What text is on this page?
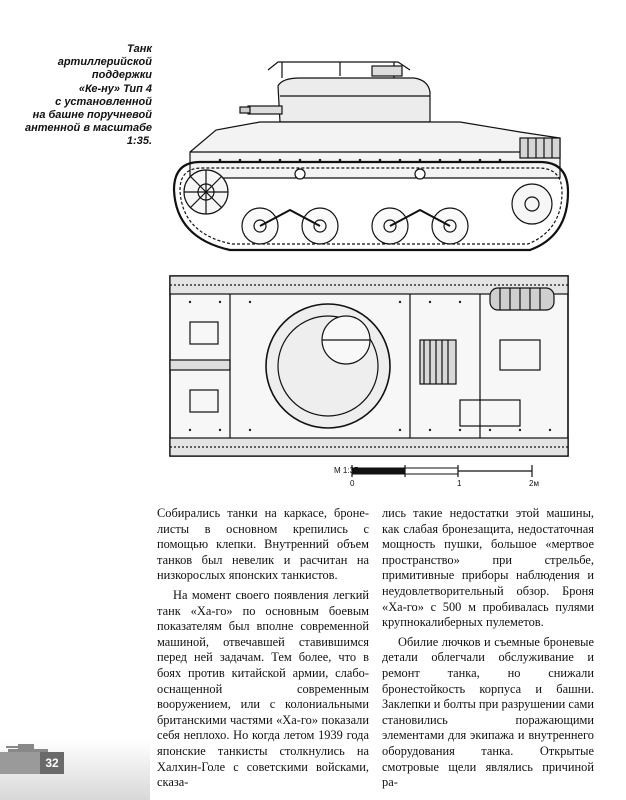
Танк
артиллерийской
поддержки
«Ке-ну» Тип 4
с установленной
на башне поручневой
антенной в масштабе
1:35.
М 1:35
0	1	2м

Собирались танки на каркасе, броне-листы в основном крепились с помощью клепки. Внутренний объем танков был невелик и расчитан на низкорослых японских танкистов.

На момент своего появления легкий танк «Ха-го» по основным боевым показателям был вполне современной машиной, отвечавшей ставившимся перед ней задачам. Тем более, что в боях против китайской армии, слабо-оснащенной современным вооружением, или с колониальными британскими частями «Ха-го» показали себя неплохо. Но когда летом 1939 года японские танкисты столкнулись на Халхин-Голе с советскими войсками, сказа-

лись такие недостатки этой машины, как слабая бронезащита, недостаточная мощность пушки, большое «мертвое пространство» при стрельбе, примитивные приборы наблюдения и неудовлетворительный обзор. Броня «Ха-го» с 500 м пробивалась пулями крупнокалиберных пулеметов.

Обилие лючков и съемные броневые детали облегчали обслуживание и ремонт танка, но снижали бронестойкость корпуса и башни. Заклепки и болты при разрушении сами становились поражающими элементами для экипажа и внутреннего оборудования танка. Открытые смотровые щели являлись причиной ра-

32
